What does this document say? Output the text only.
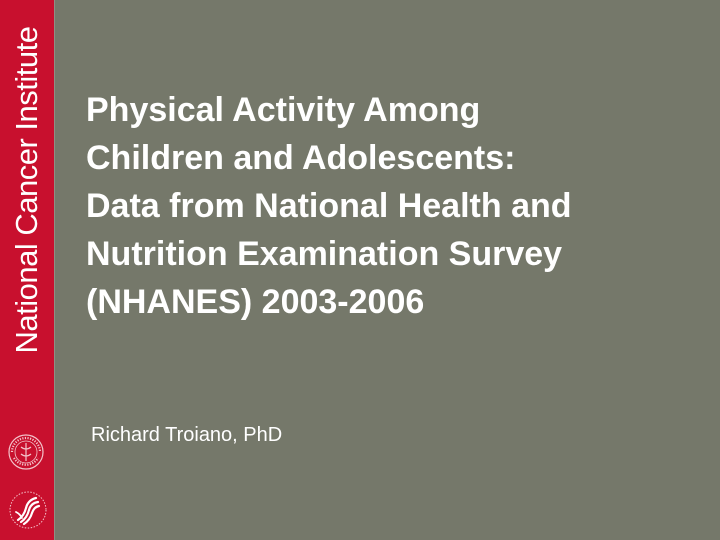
National Cancer Institute Physical Activity Among
Children and Adolescents:
Data from National Health and
Nutrition Examination Survey
(NHANES) 2003-2006
Richard Troiano, PhD
